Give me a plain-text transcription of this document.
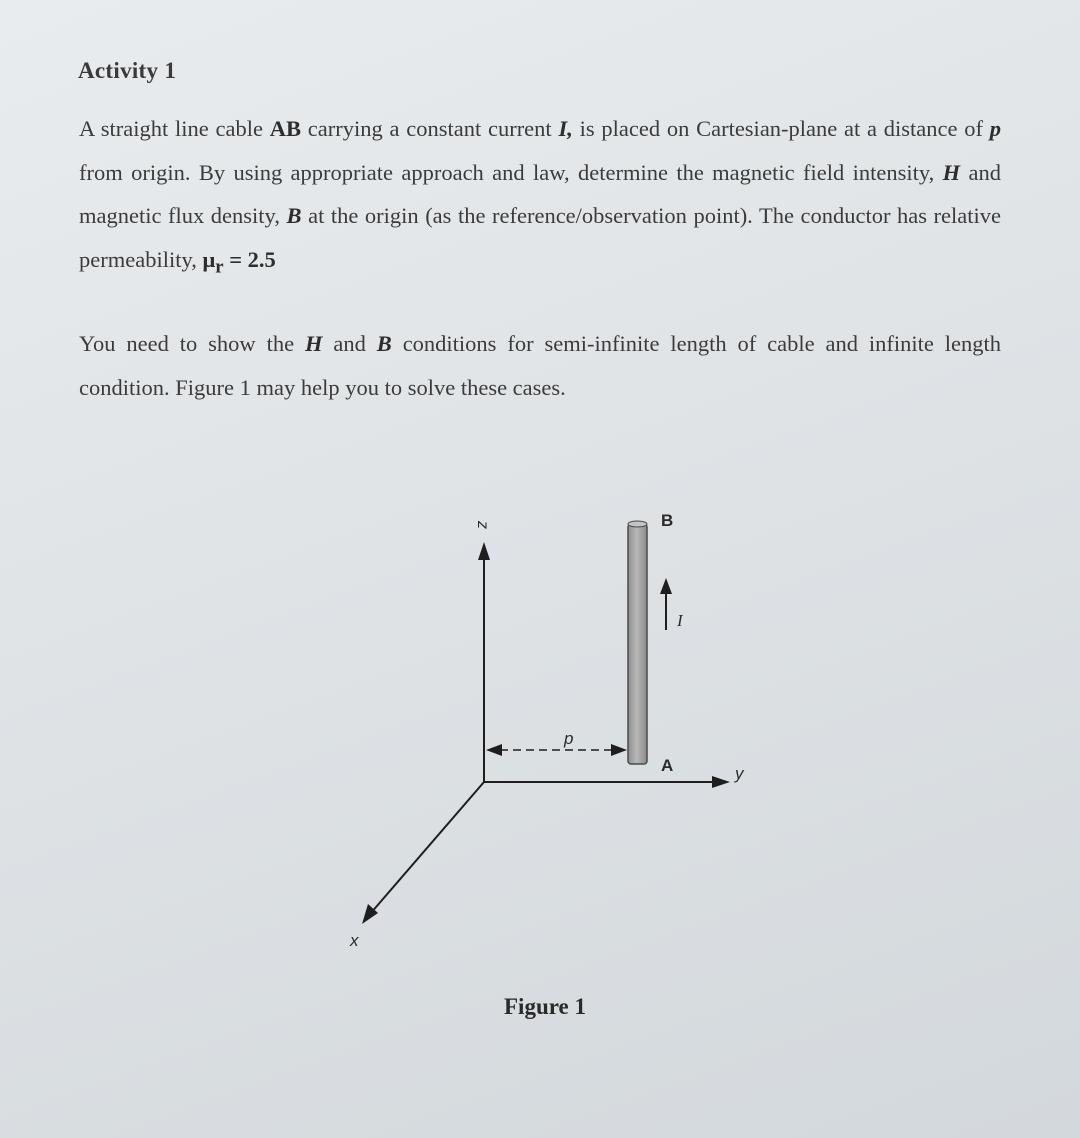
Activity 1

A straight line cable AB carrying a constant current I, is placed on Cartesian-plane at a distance of p from origin. By using appropriate approach and law, determine the magnetic field intensity, H and magnetic flux density, B at the origin (as the reference/observation point). The conductor has relative permeability, $\mu_r = 2.5$

You need to show the H and B conditions for semi-infinite length of cable and infinite length condition. Figure 1 may help you to solve these cases.

z
y
x
B
A
I
p
Figure 1
